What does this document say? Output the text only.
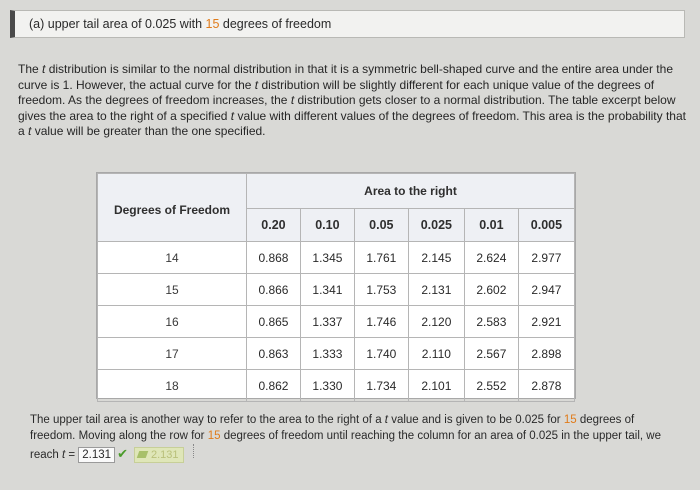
(a) upper tail area of 0.025 with 15 degrees of freedom
The t distribution is similar to the normal distribution in that it is a symmetric bell-shaped curve and the entire area under the curve is 1. However, the actual curve for the t distribution will be slightly different for each unique value of the degrees of freedom. As the degrees of freedom increases, the t distribution gets closer to a normal distribution. The table excerpt below gives the area to the right of a specified t value with different values of the degrees of freedom. This area is the probability that a t value will be greater than the one specified.
Degrees of Freedom	Area to the right					
	0.20	0.10	0.05	0.025	0.01	0.005
14	0.868	1.345	1.761	2.145	2.624	2.977
15	0.866	1.341	1.753	2.131	2.602	2.947
16	0.865	1.337	1.746	2.120	2.583	2.921
17	0.863	1.333	1.740	2.110	2.567	2.898
18	0.862	1.330	1.734	2.101	2.552	2.878
The upper tail area is another way to refer to the area to the right of a t value and is given to be 0.025 for 15 degrees of freedom. Moving along the row for 15 degrees of freedom until reaching the column for an area of 0.025 in the upper tail, we reach t = 2.131 ✔ 2.131
